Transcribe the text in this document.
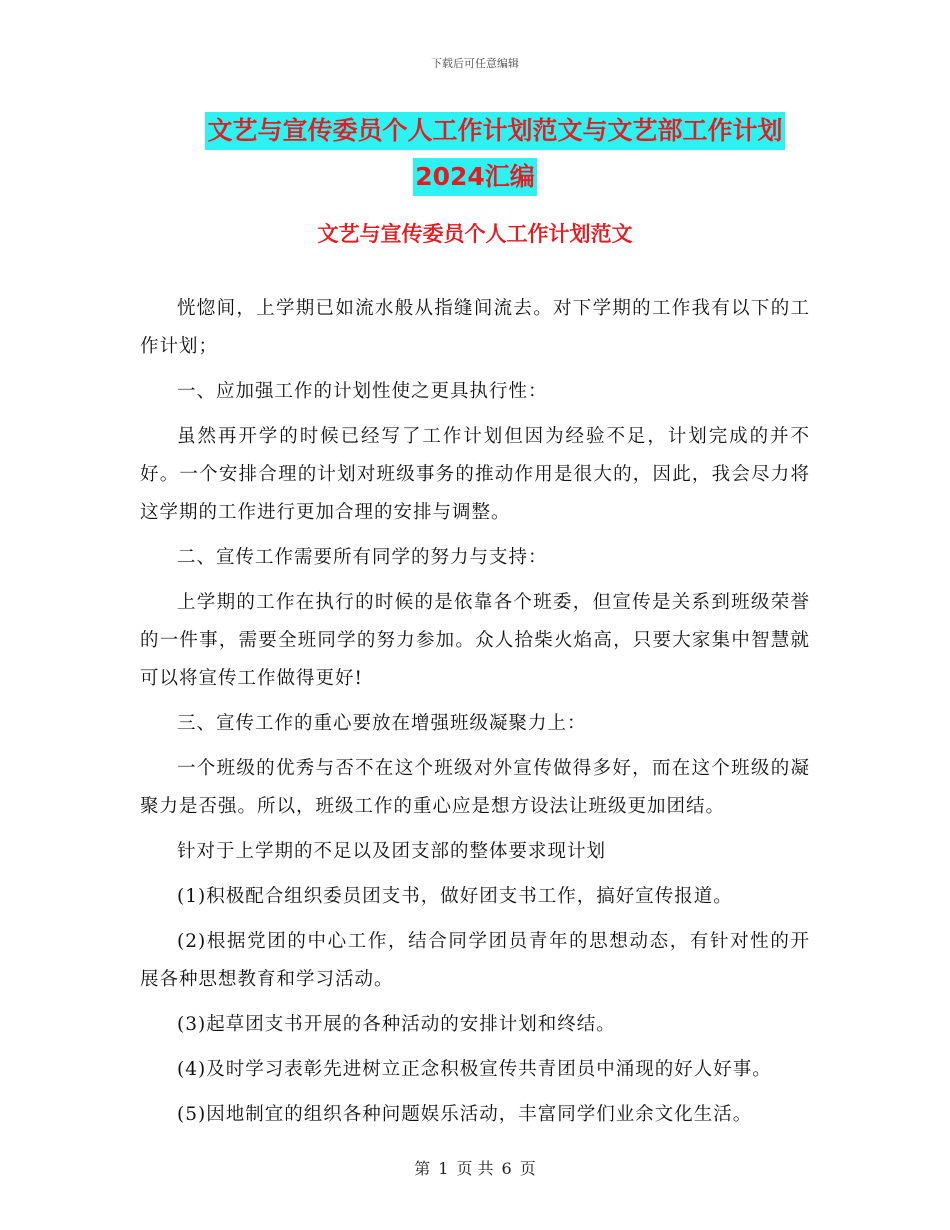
下载后可任意编辑
文艺与宣传委员个人工作计划范文与文艺部工作计划
2024汇编
文艺与宣传委员个人工作计划范文

恍惚间，上学期已如流水般从指缝间流去。对下学期的工作我有以下的工作计划；

一、应加强工作的计划性使之更具执行性：

虽然再开学的时候已经写了工作计划但因为经验不足，计划完成的并不好。一个安排合理的计划对班级事务的推动作用是很大的，因此，我会尽力将这学期的工作进行更加合理的安排与调整。

二、宣传工作需要所有同学的努力与支持：

上学期的工作在执行的时候的是依靠各个班委，但宣传是关系到班级荣誉的一件事，需要全班同学的努力参加。众人拾柴火焰高，只要大家集中智慧就可以将宣传工作做得更好!

三、宣传工作的重心要放在增强班级凝聚力上：

一个班级的优秀与否不在这个班级对外宣传做得多好，而在这个班级的凝聚力是否强。所以，班级工作的重心应是想方设法让班级更加团结。

针对于上学期的不足以及团支部的整体要求现计划

(1)积极配合组织委员团支书，做好团支书工作，搞好宣传报道。

(2)根据党团的中心工作，结合同学团员青年的思想动态，有针对性的开展各种思想教育和学习活动。

(3)起草团支书开展的各种活动的安排计划和终结。

(4)及时学习表彰先进树立正念积极宣传共青团员中涌现的好人好事。

(5)因地制宜的组织各种问题娱乐活动，丰富同学们业余文化生活。

第 1 页 共 6 页
